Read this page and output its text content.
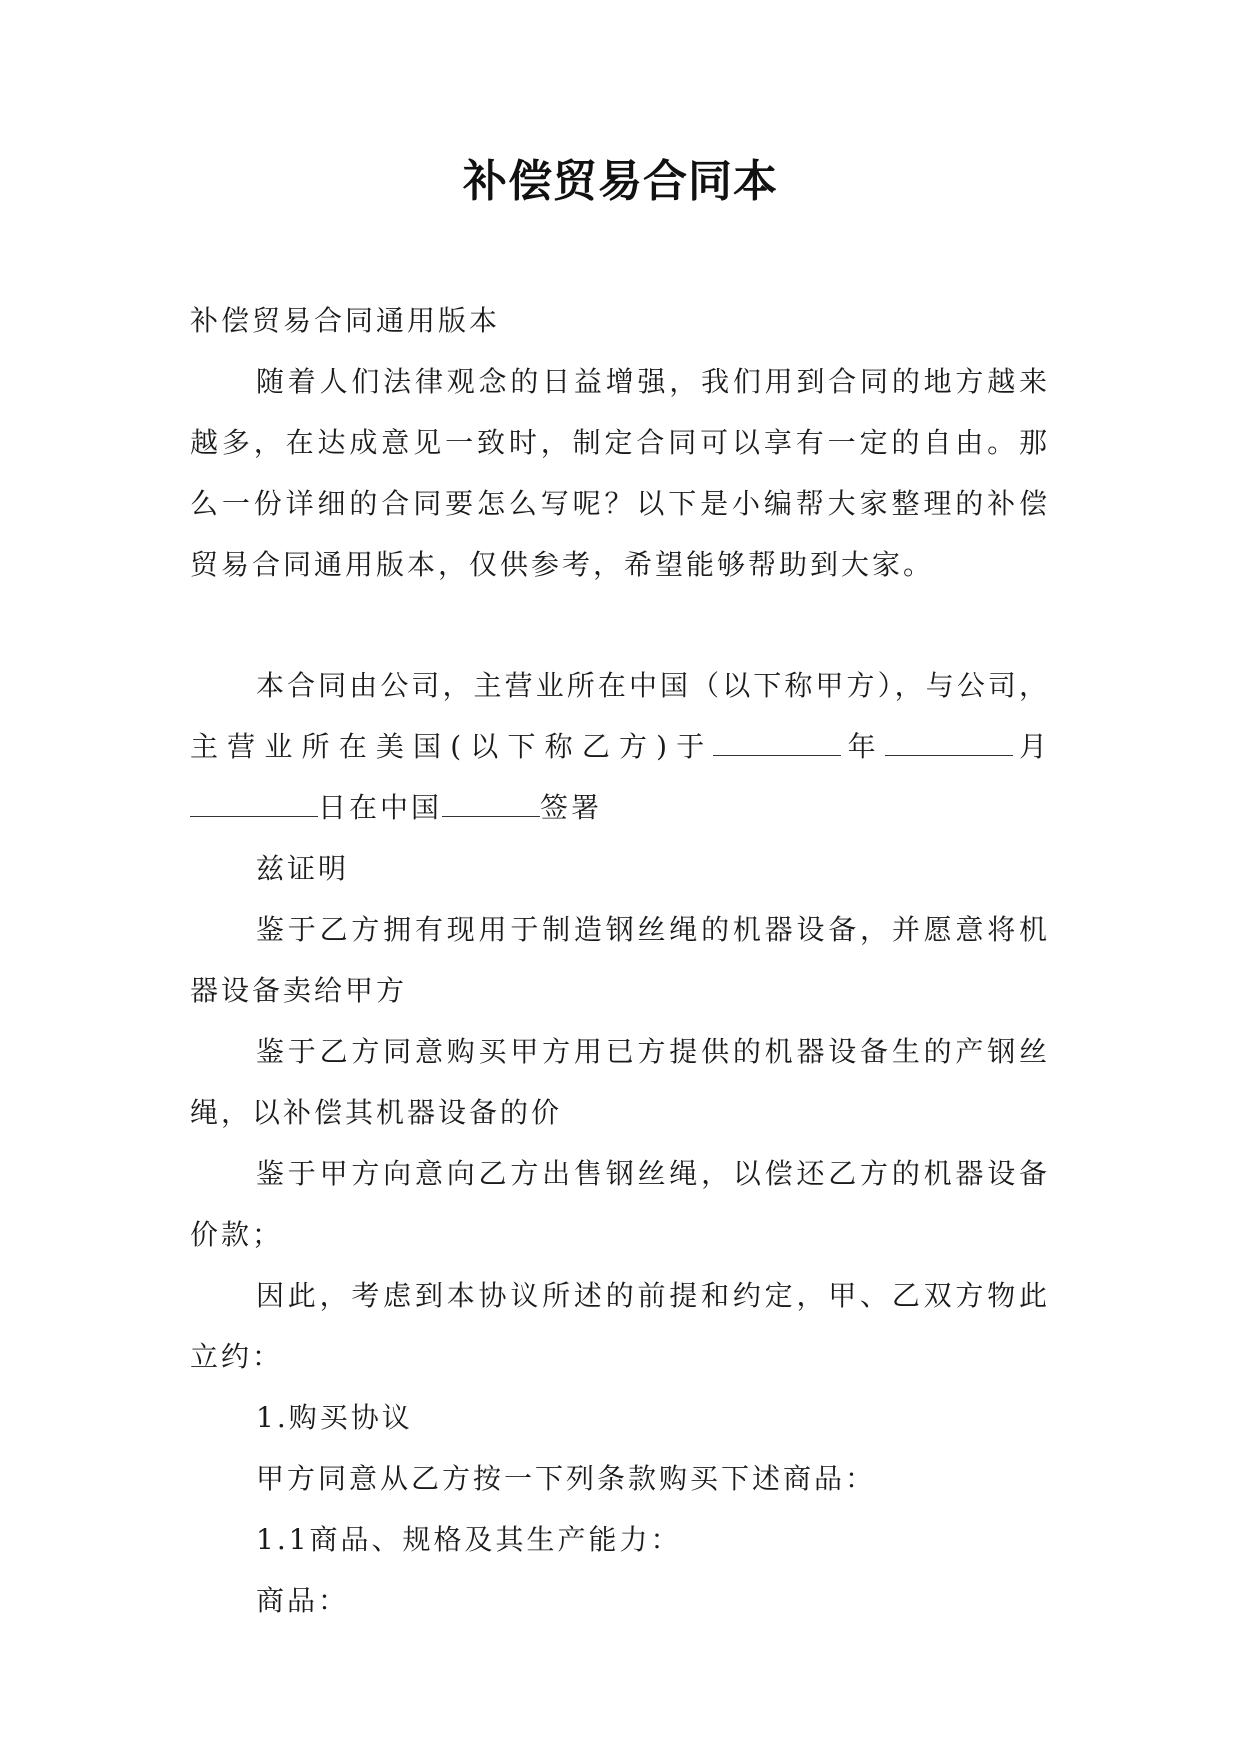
补偿贸易合同本

补偿贸易合同通用版本

随着人们法律观念的日益增强，我们用到合同的地方越来越多，在达成意见一致时，制定合同可以享有一定的自由。那么一份详细的合同要怎么写呢？以下是小编帮大家整理的补偿贸易合同通用版本，仅供参考，希望能够帮助到大家。

本合同由公司，主营业所在中国（以下称甲方），与公司，主营业所在美国(以下称乙方)于	年	月日在中国	签署

兹证明

鉴于乙方拥有现用于制造钢丝绳的机器设备，并愿意将机器设备卖给甲方

鉴于乙方同意购买甲方用已方提供的机器设备生的产钢丝绳，以补偿其机器设备的价

鉴于甲方向意向乙方出售钢丝绳，以偿还乙方的机器设备价款；

因此，考虑到本协议所述的前提和约定，甲、乙双方物此立约：

1.购买协议

甲方同意从乙方按一下列条款购买下述商品：

1.1商品、规格及其生产能力：

商品：
